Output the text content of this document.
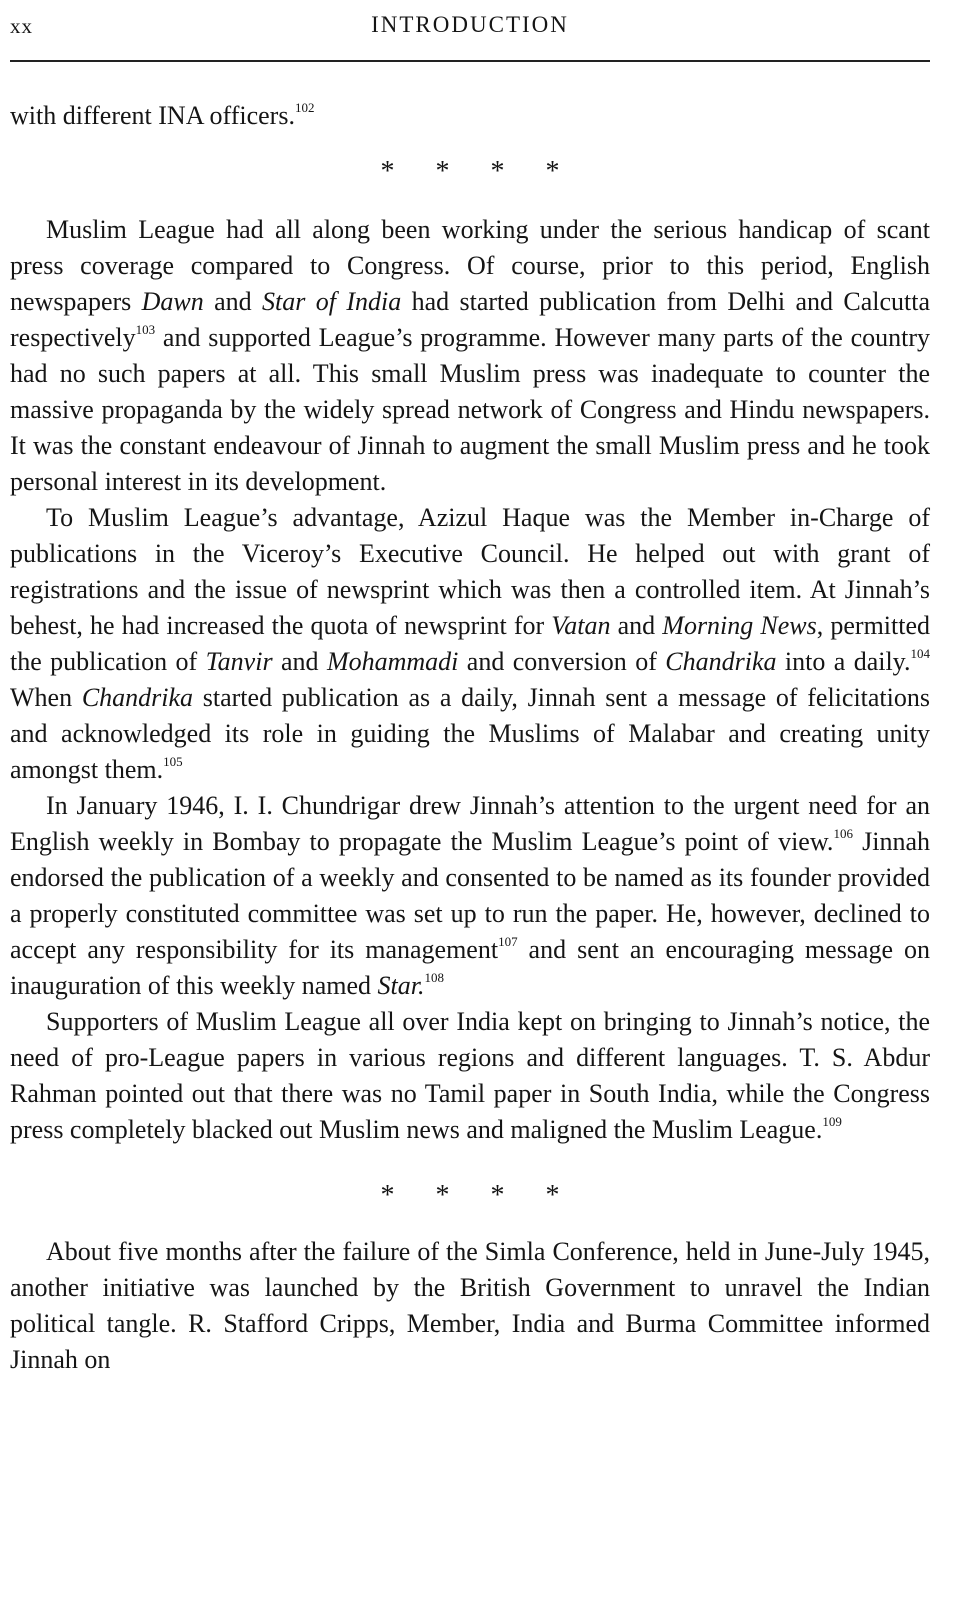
xx	INTRODUCTION

with different INA officers.$^{102}$

* * * *

Muslim League had all along been working under the serious handicap of scant press coverage compared to Congress. Of course, prior to this period, English newspapers Dawn and Star of India had started publication from Delhi and Calcutta respectively$^{103}$ and supported League’s programme. However many parts of the country had no such papers at all. This small Muslim press was inadequate to counter the massive propaganda by the widely spread network of Congress and Hindu newspapers. It was the constant endeavour of Jinnah to augment the small Muslim press and he took personal interest in its development.

To Muslim League’s advantage, Azizul Haque was the Member in-Charge of publications in the Viceroy’s Executive Council. He helped out with grant of registrations and the issue of newsprint which was then a controlled item. At Jinnah’s behest, he had increased the quota of newsprint for Vatan and Morning News, permitted the publication of Tanvir and Mohammadi and conversion of Chandrika into a daily.$^{104}$ When Chandrika started publication as a daily, Jinnah sent a message of felicitations and acknowledged its role in guiding the Muslims of Malabar and creating unity amongst them.$^{105}$

In January 1946, I. I. Chundrigar drew Jinnah’s attention to the urgent need for an English weekly in Bombay to propagate the Muslim League’s point of view.$^{106}$ Jinnah endorsed the publication of a weekly and consented to be named as its founder provided a properly constituted committee was set up to run the paper. He, however, declined to accept any responsibility for its management$^{107}$ and sent an encouraging message on inauguration of this weekly named Star.$^{108}$

Supporters of Muslim League all over India kept on bringing to Jinnah’s notice, the need of pro-League papers in various regions and different languages. T. S. Abdur Rahman pointed out that there was no Tamil paper in South India, while the Congress press completely blacked out Muslim news and maligned the Muslim League.$^{109}$

* * * *

About five months after the failure of the Simla Conference, held in June-July 1945, another initiative was launched by the British Government to unravel the Indian political tangle. R. Stafford Cripps, Member, India and Burma Committee informed Jinnah on
